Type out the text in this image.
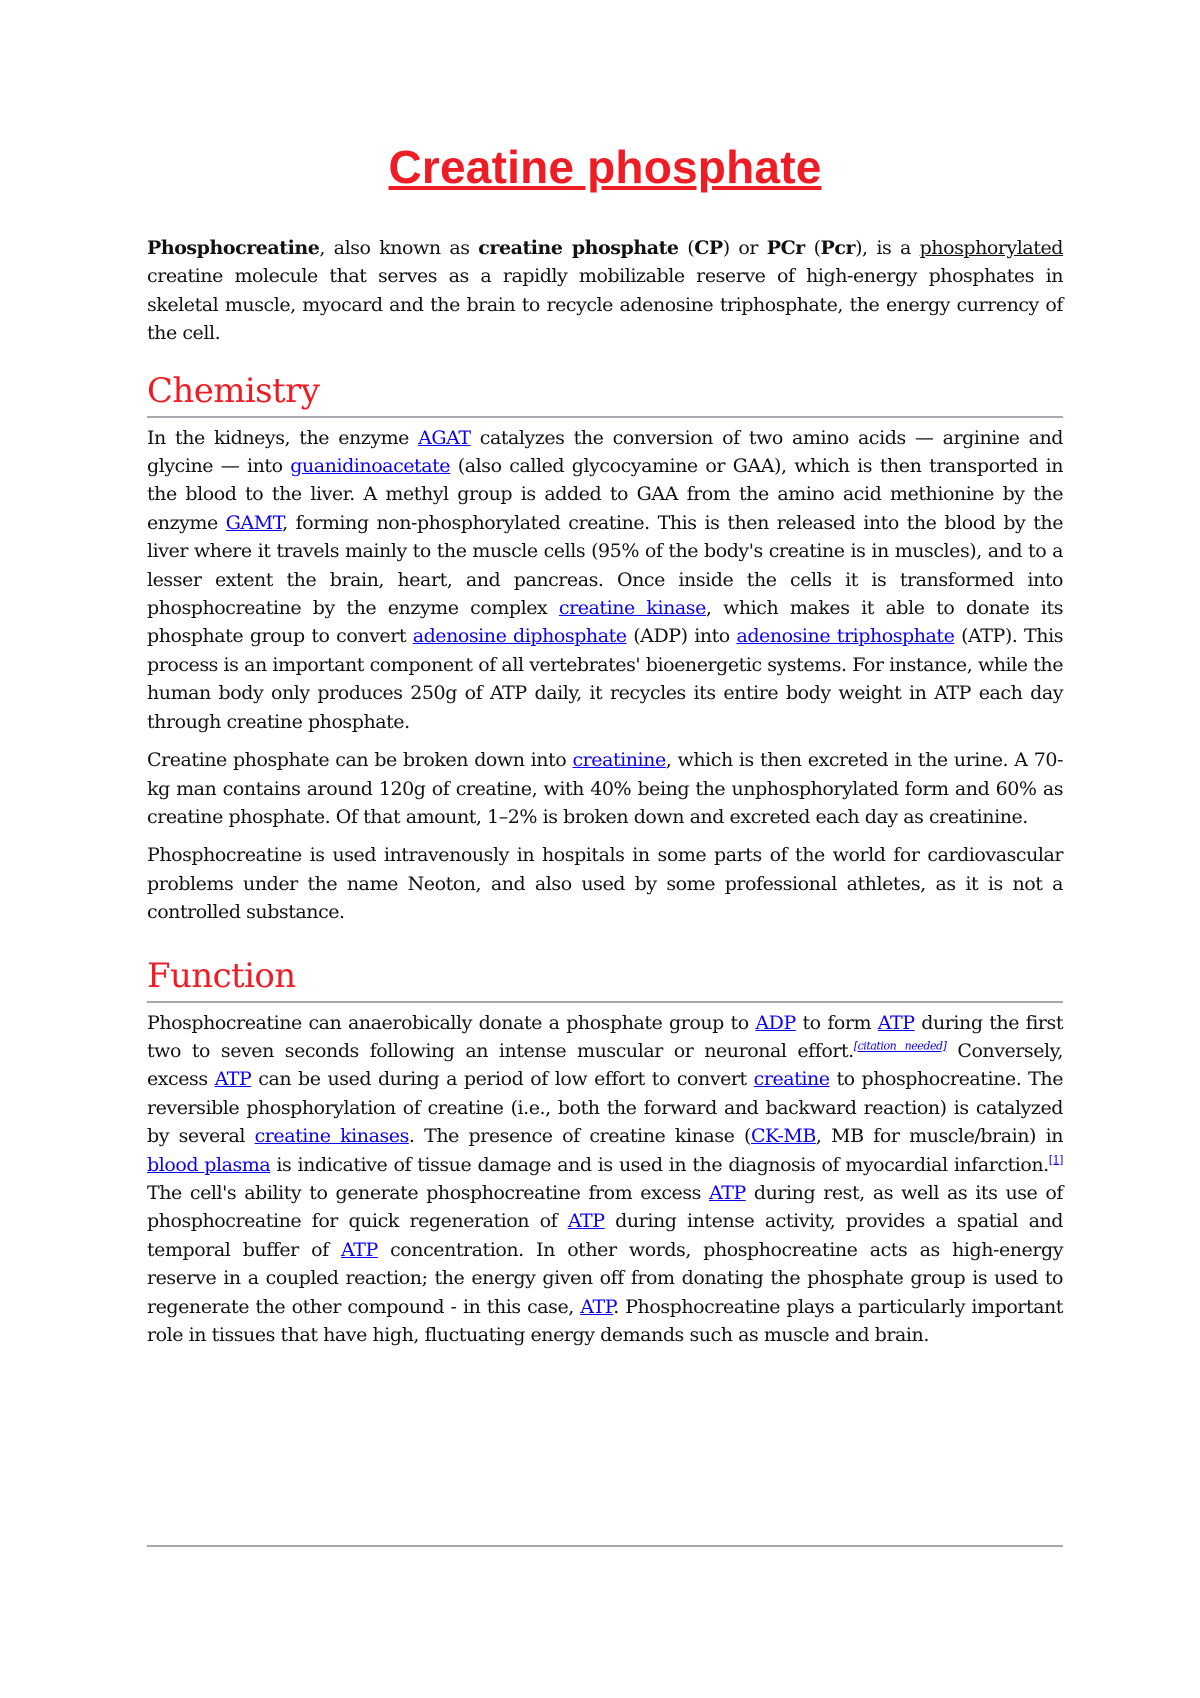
Creatine phosphate

Phosphocreatine, also known as creatine phosphate (CP) or PCr (Pcr), is a phosphorylated creatine molecule that serves as a rapidly mobilizable reserve of high-energy phosphates in skeletal muscle, myocard and the brain to recycle adenosine triphosphate, the energy currency of the cell.

Chemistry

In the kidneys, the enzyme AGAT catalyzes the conversion of two amino acids — arginine and glycine — into guanidinoacetate (also called glycocyamine or GAA), which is then transported in the blood to the liver. A methyl group is added to GAA from the amino acid methionine by the enzyme GAMT, forming non-phosphorylated creatine. This is then released into the blood by the liver where it travels mainly to the muscle cells (95% of the body's creatine is in muscles), and to a lesser extent the brain, heart, and pancreas. Once inside the cells it is transformed into phosphocreatine by the enzyme complex creatine kinase, which makes it able to donate its phosphate group to convert adenosine diphosphate (ADP) into adenosine triphosphate (ATP). This process is an important component of all vertebrates' bioenergetic systems. For instance, while the human body only produces 250g of ATP daily, it recycles its entire body weight in ATP each day through creatine phosphate.

Creatine phosphate can be broken down into creatinine, which is then excreted in the urine. A 70-kg man contains around 120g of creatine, with 40% being the unphosphorylated form and 60% as creatine phosphate. Of that amount, 1–2% is broken down and excreted each day as creatinine.

Phosphocreatine is used intravenously in hospitals in some parts of the world for cardiovascular problems under the name Neoton, and also used by some professional athletes, as it is not a controlled substance.

Function

Phosphocreatine can anaerobically donate a phosphate group to ADP to form ATP during the first two to seven seconds following an intense muscular or neuronal effort.[citation needed] Conversely, excess ATP can be used during a period of low effort to convert creatine to phosphocreatine. The reversible phosphorylation of creatine (i.e., both the forward and backward reaction) is catalyzed by several creatine kinases. The presence of creatine kinase (CK-MB, MB for muscle/brain) in blood plasma is indicative of tissue damage and is used in the diagnosis of myocardial infarction.[1] The cell's ability to generate phosphocreatine from excess ATP during rest, as well as its use of phosphocreatine for quick regeneration of ATP during intense activity, provides a spatial and temporal buffer of ATP concentration. In other words, phosphocreatine acts as high-energy reserve in a coupled reaction; the energy given off from donating the phosphate group is used to regenerate the other compound - in this case, ATP. Phosphocreatine plays a particularly important role in tissues that have high, fluctuating energy demands such as muscle and brain.
